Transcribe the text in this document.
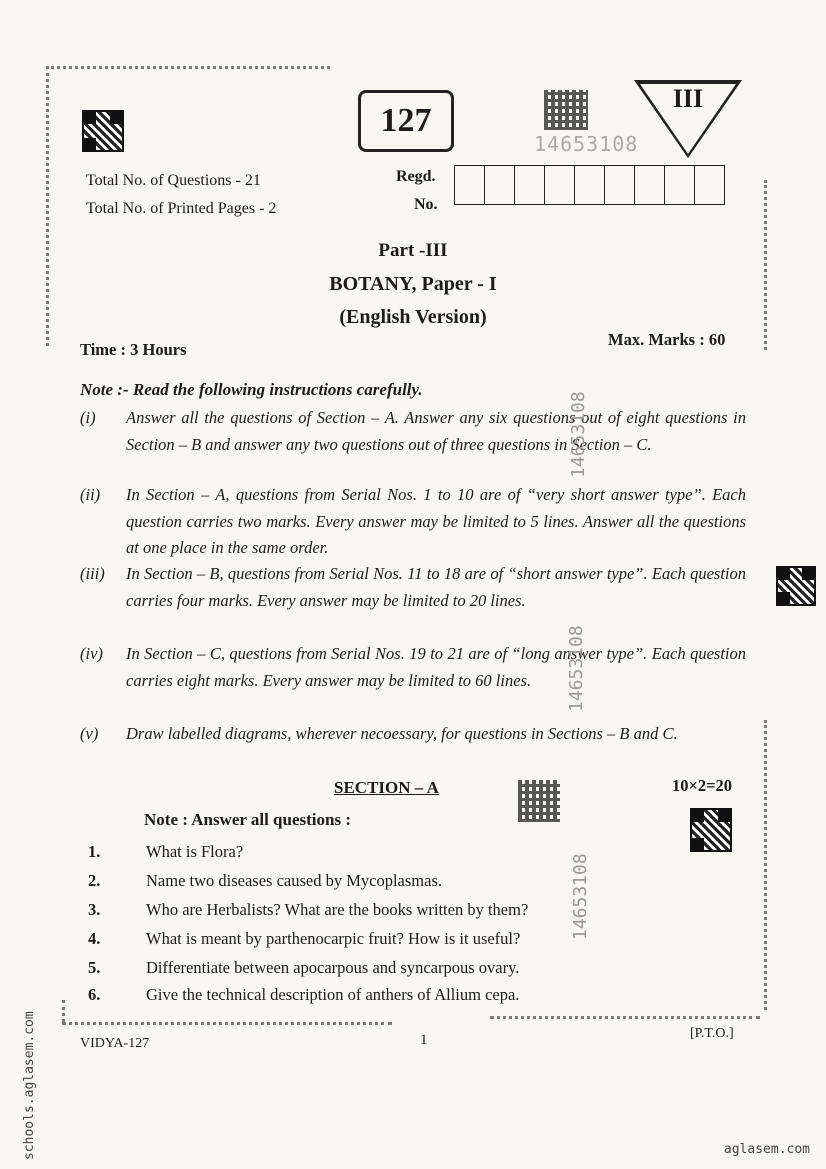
127
14653108
III
Total No. of Questions - 21
Total No. of Printed Pages - 2
Regd.
No.
Part -III
BOTANY, Paper - I
(English Version)
Time : 3 Hours
Max. Marks : 60
Note :- Read the following instructions carefully.
(i)	Answer all the questions of Section – A. Answer any six questions out of eight questions in Section – B and answer any two questions out of three questions in Section – C.
(ii)	In Section – A, questions from Serial Nos. 1 to 10 are of “very short answer type”. Each question carries two marks. Every answer may be limited to 5 lines. Answer all the questions at one place in the same order.
(iii)	In Section – B, questions from Serial Nos. 11 to 18 are of “short answer type”. Each question carries four marks. Every answer may be limited to 20 lines.
(iv)	In Section – C, questions from Serial Nos. 19 to 21 are of “long answer type”. Each question carries eight marks. Every answer may be limited to 60 lines.
(v)	Draw labelled diagrams, wherever necoessary, for questions in Sections – B and C.
14653108
14653108
14653108
SECTION – A	10×2=20
Note : Answer all questions :
1.	What is Flora?
2.	Name two diseases caused by Mycoplasmas.
3.	Who are Herbalists? What are the books written by them?
4.	What is meant by parthenocarpic fruit? How is it useful?
5.	Differentiate between apocarpous and syncarpous ovary.
6.	Give the technical description of anthers of Allium cepa.
VIDYA-127	1	[P.T.O.]
schools.aglasem.com	aglasem.com
